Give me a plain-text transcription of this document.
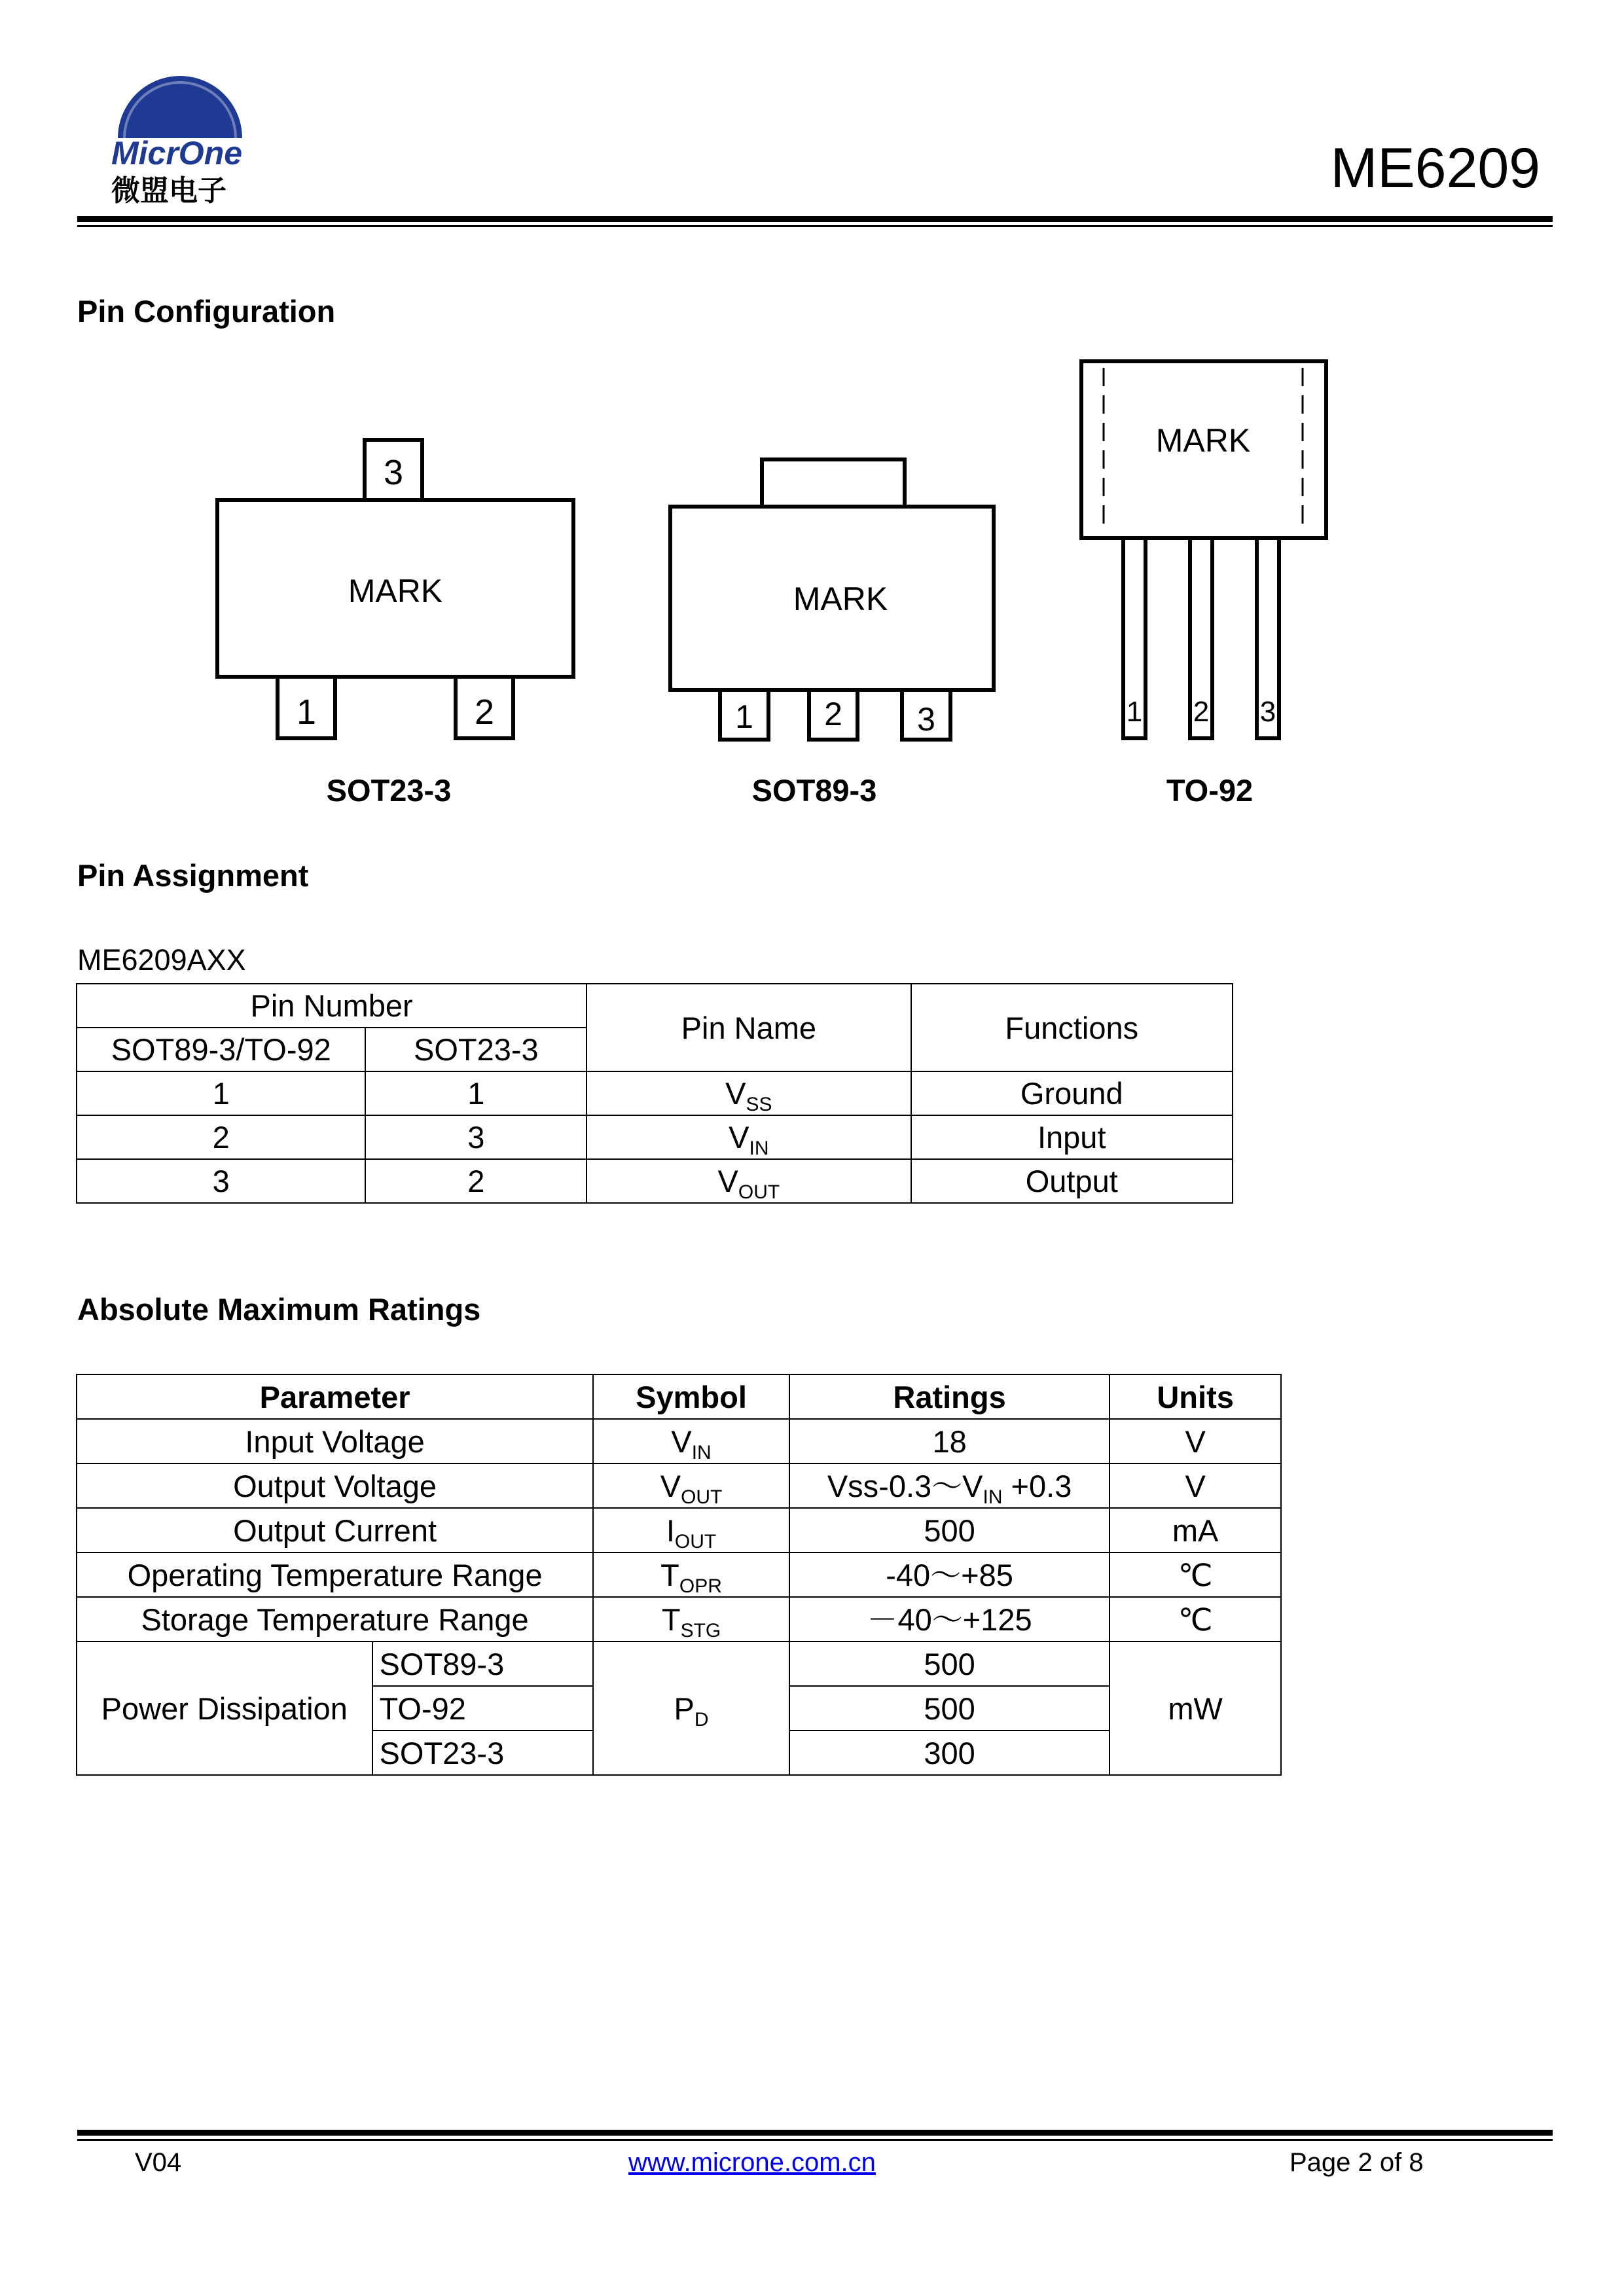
MicrOne
微盟电子	ME6209
Pin Configuration
MARK
3
1	2
MARK
1 2 3
MARK
1 2 3
SOT23-3	SOT89-3	TO-92
Pin Assignment
ME6209AXX
Pin Number		Pin Name	Functions
SOT89-3/TO-92	SOT23-3		
1	1	$V_{SS}$	Ground
2	3	$V_{IN}$	Input
3	2	$V_{OUT}$	Output
Absolute Maximum Ratings
Parameter		Symbol	Ratings	Units
Input Voltage		$V_{IN}$	18	V
Output Voltage		$V_{OUT}$	Vss-$0.3\sim V_{IN} +0.3$	V
Output Current		$I_{OUT}$	500	mA
Operating Temperature Range		$T_{OPR}$	-40～+85	℃
Storage Temperature Range		$T_{STG}$	－40～+125	℃
Power Dissipation	SOT89-3	$P_D$	500	mW
	TO-92		500	
	SOT23-3		300	
V04	www.microne.com.cn	Page 2 of 8
